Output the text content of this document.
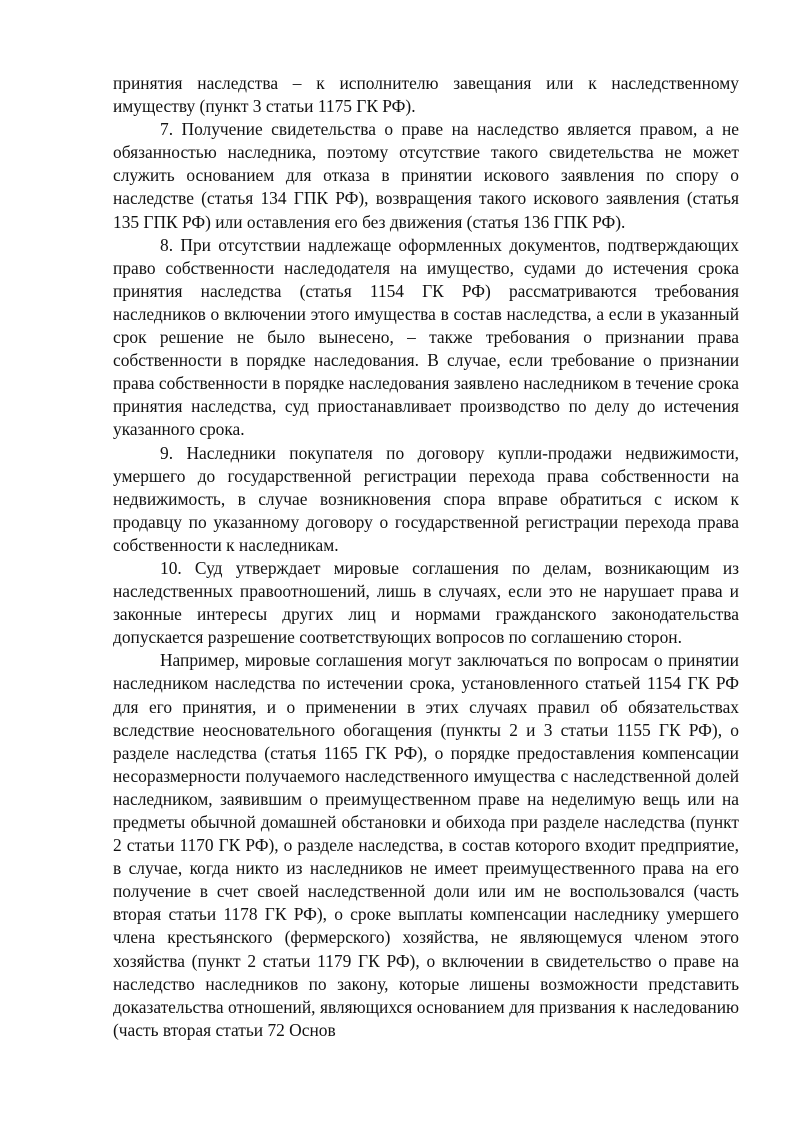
принятия наследства – к исполнителю завещания или к наследственному имуществу (пункт 3 статьи 1175 ГК РФ).

7. Получение свидетельства о праве на наследство является правом, а не обязанностью наследника, поэтому отсутствие такого свидетельства не может служить основанием для отказа в принятии искового заявления по спору о наследстве (статья 134 ГПК РФ), возвращения такого искового заявления (статья 135 ГПК РФ) или оставления его без движения (статья 136 ГПК РФ).

8. При отсутствии надлежаще оформленных документов, подтверждающих право собственности наследодателя на имущество, судами до истечения срока принятия наследства (статья 1154 ГК РФ) рассматриваются требования наследников о включении этого имущества в состав наследства, а если в указанный срок решение не было вынесено, – также требования о признании права собственности в порядке наследования. В случае, если требование о признании права собственности в порядке наследования заявлено наследником в течение срока принятия наследства, суд приостанавливает производство по делу до истечения указанного срока.

9. Наследники покупателя по договору купли-продажи недвижимости, умершего до государственной регистрации перехода права собственности на недвижимость, в случае возникновения спора вправе обратиться с иском к продавцу по указанному договору о государственной регистрации перехода права собственности к наследникам.

10. Суд утверждает мировые соглашения по делам, возникающим из наследственных правоотношений, лишь в случаях, если это не нарушает права и законные интересы других лиц и нормами гражданского законодательства допускается разрешение соответствующих вопросов по соглашению сторон.

Например, мировые соглашения могут заключаться по вопросам о принятии наследником наследства по истечении срока, установленного статьей 1154 ГК РФ для его принятия, и о применении в этих случаях правил об обязательствах вследствие неосновательного обогащения (пункты 2 и 3 статьи 1155 ГК РФ), о разделе наследства (статья 1165 ГК РФ), о порядке предоставления компенсации несоразмерности получаемого наследственного имущества с наследственной долей наследником, заявившим о преимущественном праве на неделимую вещь или на предметы обычной домашней обстановки и обихода при разделе наследства (пункт 2 статьи 1170 ГК РФ), о разделе наследства, в состав которого входит предприятие, в случае, когда никто из наследников не имеет преимущественного права на его получение в счет своей наследственной доли или им не воспользовался (часть вторая статьи 1178 ГК РФ), о сроке выплаты компенсации наследнику умершего члена крестьянского (фермерского) хозяйства, не являющемуся членом этого хозяйства (пункт 2 статьи 1179 ГК РФ), о включении в свидетельство о праве на наследство наследников по закону, которые лишены возможности представить доказательства отношений, являющихся основанием для призвания к наследованию (часть вторая статьи 72 Основ
